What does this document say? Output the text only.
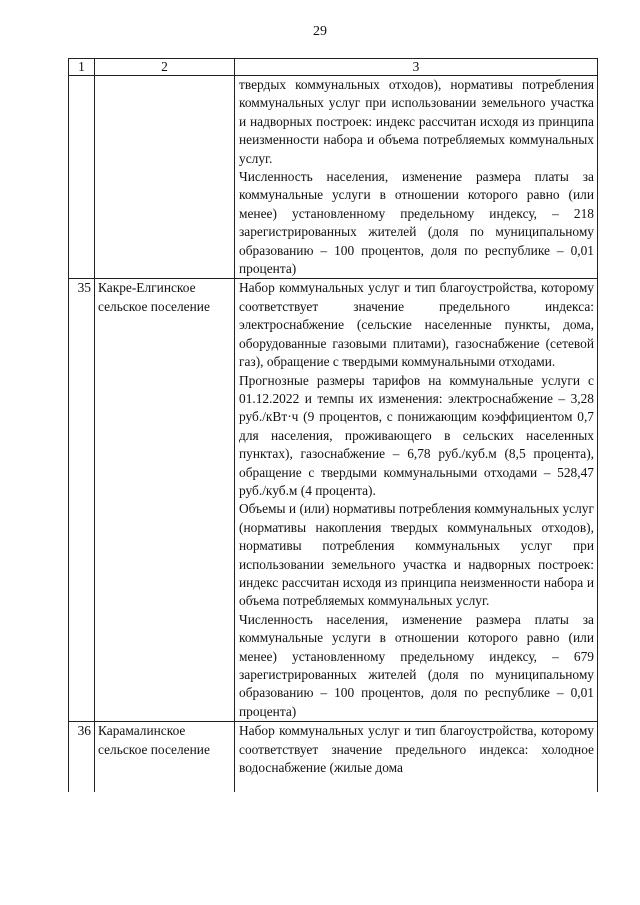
29
1	2	3

		твердых коммунальных отходов), нормативы потребления коммунальных услуг при использовании земельного участка и надворных построек: индекс рассчитан исходя из принципа неизменности набора и объема потребляемых коммунальных услуг.

Численность населения, изменение размера платы за коммунальные услуги в отношении которого равно (или менее) установленному предельному индексу, – 218 зарегистрированных жителей (доля по муниципальному образованию – 100 процентов, доля по республике – 0,01 процента)

35	Какре-Елгинское сельское поселение	Набор коммунальных услуг и тип благоустройства, которому соответствует значение предельного индекса: электроснабжение (сельские населенные пункты, дома, оборудованные газовыми плитами), газоснабжение (сетевой газ), обращение с твердыми коммунальными отходами.

Прогнозные размеры тарифов на коммунальные услуги с 01.12.2022 и темпы их изменения: электроснабжение – 3,28 руб./кВт·ч (9 процентов, с понижающим коэффициентом 0,7 для населения, проживающего в сельских населенных пунктах), газоснабжение – 6,78 руб./куб.м (8,5 процента), обращение с твердыми коммунальными отходами – 528,47 руб./куб.м (4 процента).

Объемы и (или) нормативы потребления коммунальных услуг (нормативы накопления твердых коммунальных отходов), нормативы потребления коммунальных услуг при использовании земельного участка и надворных построек: индекс рассчитан исходя из принципа неизменности набора и объема потребляемых коммунальных услуг.

Численность населения, изменение размера платы за коммунальные услуги в отношении которого равно (или менее) установленному предельному индексу, – 679 зарегистрированных жителей (доля по муниципальному образованию – 100 процентов, доля по республике – 0,01 процента)

36	Карамалинское сельское поселение	Набор коммунальных услуг и тип благоустройства, которому соответствует значение предельного индекса: холодное водоснабжение (жилые дома
